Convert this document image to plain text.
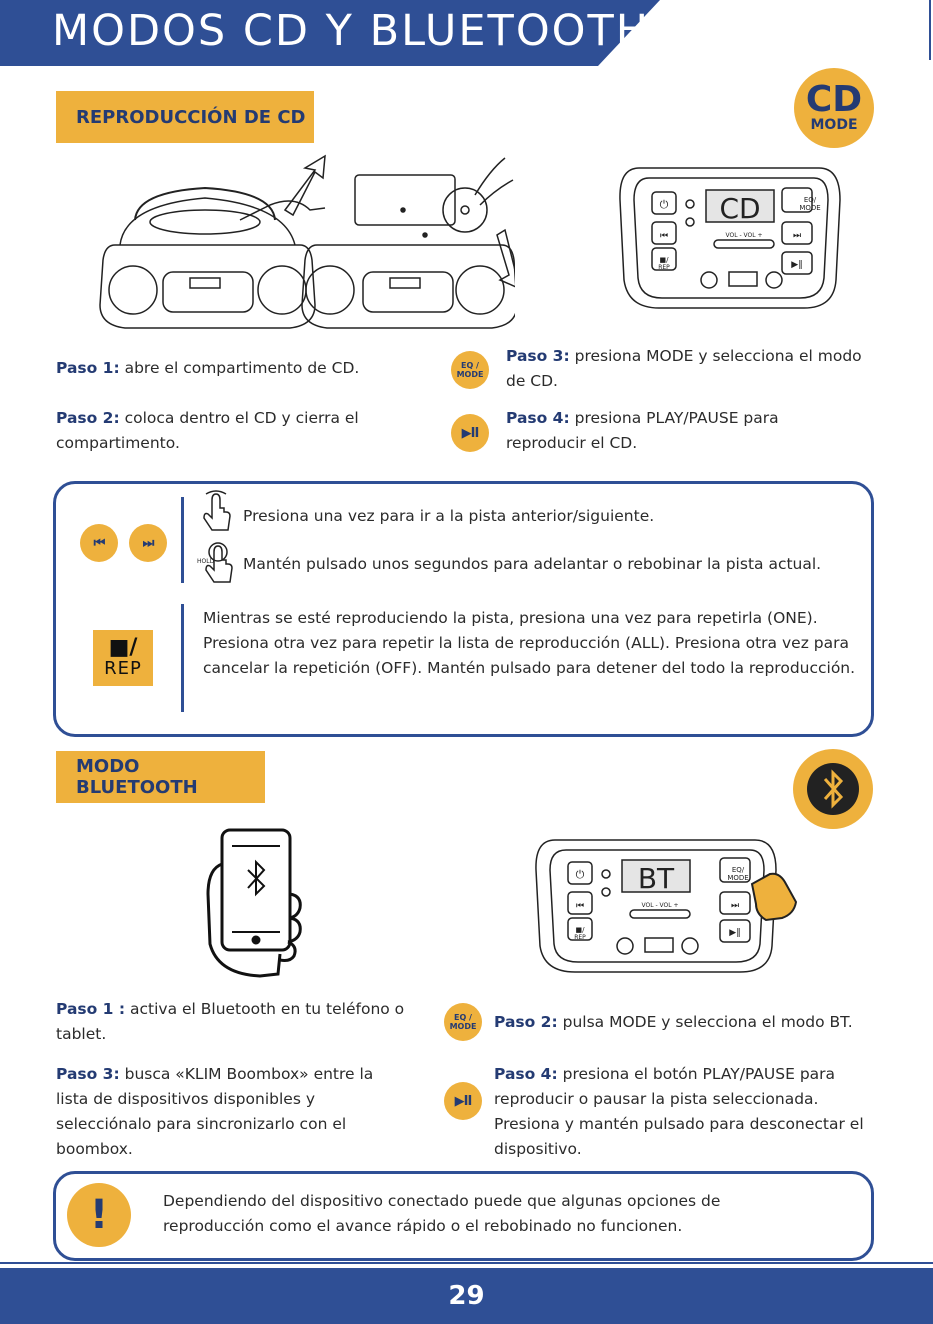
MODOS CD Y BLUETOOTH
REPRODUCCIÓN DE CD	CD
MODE
CD	EQ/
MODE
VOL - VOL +
⏻
⏮	⏭
▶‖
■/
REP
Paso 1: abre el compartimento de CD.
Paso 2: coloca dentro el CD y cierra el compartimento.
EQ /
MODE
▶II
Paso 3: presiona MODE y selecciona el modo de CD.
Paso 4: presiona PLAY/PAUSE para reproducir el CD.
⏮	⏭
Presiona una vez para ir a la pista anterior/siguiente.
HOLD Mantén pulsado unos segundos para adelantar o rebobinar la pista actual.
■/
REP
Mientras se esté reproduciendo la pista, presiona una vez para repetirla (ONE). Presiona otra vez para repetir la lista de reproducción (ALL). Presiona otra vez para cancelar la repetición (OFF). Mantén pulsado para detener del todo la reproducción.
MODO BLUETOOTH
BT	EQ/
MODE
VOL - VOL +
⏻
⏮	⏭
▶‖
■/
REP
Paso 1 : activa el Bluetooth en tu teléfono o tablet.
Paso 3: busca «KLIM Boombox» entre la lista de dispositivos disponibles y selecciónalo para sincronizarlo con el boombox.
EQ /
MODE
▶II
Paso 2: pulsa MODE y selecciona el modo BT.
Paso 4: presiona el botón PLAY/PAUSE para reproducir o pausar la pista seleccionada. Presiona y mantén pulsado para desconectar el dispositivo.
!	Dependiendo del dispositivo conectado puede que algunas opciones de reproducción como el avance rápido o el rebobinado no funcionen.
29
